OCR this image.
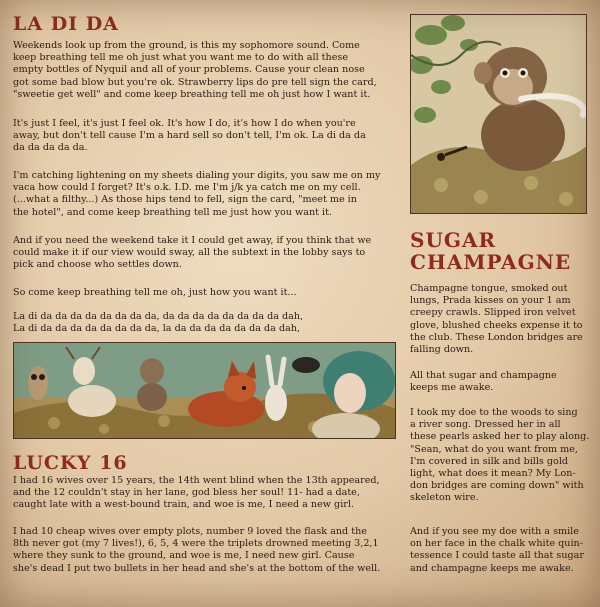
LA DI DA

Weekends look up from the ground, is this my sophomore sound. Come
keep breathing tell me oh just what you want me to do with all these
empty bottles of Nyquil and all of your problems. Cause your clean nose
got some bad blow but you're ok. Strawberry lips do pre tell sign the card,
"sweetie get well" and come keep breathing tell me oh just how I want it.

It's just I feel, it's just I feel ok. It's how I do, it's how I do when you're
away, but don't tell cause I'm a hard sell so don't tell, I'm ok. La di da da
da da da da da.

I'm catching lightening on my sheets dialing your digits, you saw me on my
vaca how could I forget? It's o.k. I.D. me I'm j/k ya catch me on my cell.
(...what a filthy...) As those hips tend to fell, sign the card, "meet me in
the hotel", and come keep breathing tell me just how you want it.

And if you need the weekend take it I could get away, if you think that we
could make it if our view would sway, all the subtext in the lobby says to
pick and choose who settles down.

So come keep breathing tell me oh, just how you want it...

La di da da da da da da da da, da da da da da da da da dah,
La di da da da da da da da da, la da da da da da da da dah,

LUCKY 16

I had 16 wives over 15 years, the 14th went blind when the 13th appeared,
and the 12 couldn't stay in her lane, god bless her soul! 11- had a date,
caught late with a west-bound train, and woe is me, I need a new girl.

I had 10 cheap wives over empty plots, number 9 loved the flask and the
8th never got (my 7 lives!), 6, 5, 4 were the triplets drowned meeting 3,2,1
where they sunk to the ground, and woe is me, I need new girl. Cause
she's dead I put two bullets in her head and she's at the bottom of the well.

SUGAR
CHAMPAGNE

Champagne tongue, smoked out
lungs, Prada kisses on your 1 am
creepy crawls. Slipped iron velvet
glove, blushed cheeks expense it to
the club. These London bridges are
falling down.

All that sugar and champagne
keeps me awake.

I took my doe to the woods to sing
a river song. Dressed her in all
these pearls asked her to play along.
"Sean, what do you want from me,
I'm covered in silk and bills gold
light, what does it mean? My Lon-
don bridges are coming down" with
skeleton wire.

And if you see my doe with a smile
on her face in the chalk white quin-
tessence I could taste all that sugar
and champagne keeps me awake.
